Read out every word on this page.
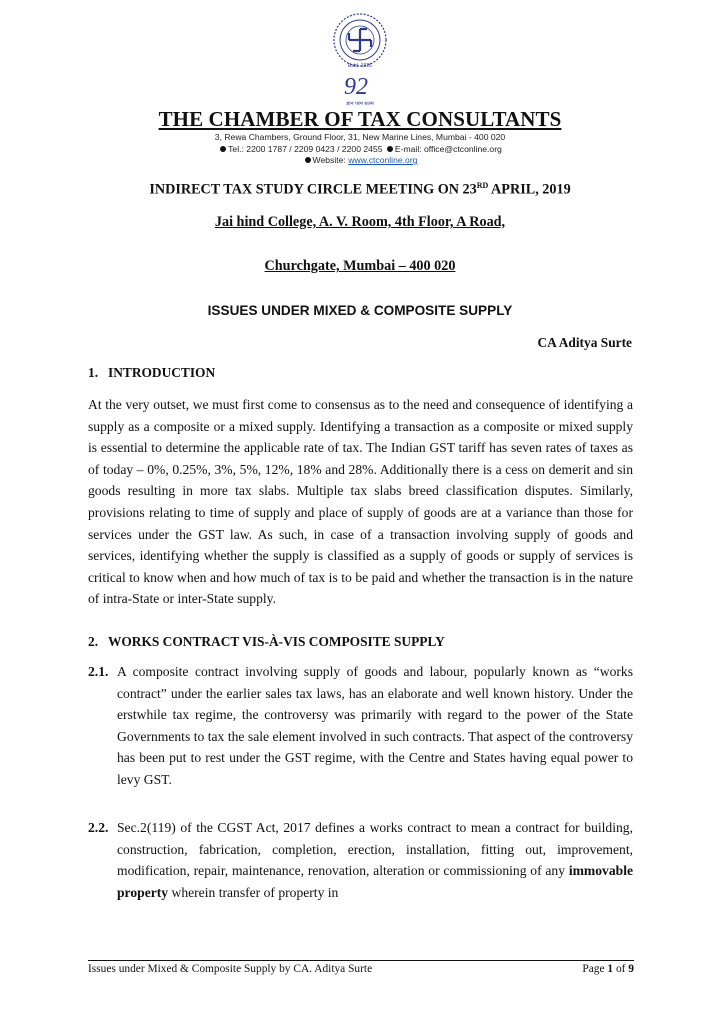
Estd. 1926
92
ज्ञान परम बलम
THE CHAMBER OF TAX CONSULTANTS
3, Rewa Chambers, Ground Floor, 31, New Marine Lines, Mumbai - 400 020
Tel.: 2200 1787 / 2209 0423 / 2200 2455 E-mail: office@ctconline.org
Website: www.ctconline.org
INDIRECT TAX STUDY CIRCLE MEETING ON 23RD APRIL, 2019
Jai hind College, A. V. Room, 4th Floor, A Road,
Churchgate, Mumbai – 400 020
ISSUES UNDER MIXED & COMPOSITE SUPPLY
CA Aditya Surte
1. INTRODUCTION

At the very outset, we must first come to consensus as to the need and consequence of identifying a supply as a composite or a mixed supply. Identifying a transaction as a composite or mixed supply is essential to determine the applicable rate of tax. The Indian GST tariff has seven rates of taxes as of today – 0%, 0.25%, 3%, 5%, 12%, 18% and 28%. Additionally there is a cess on demerit and sin goods resulting in more tax slabs. Multiple tax slabs breed classification disputes. Similarly, provisions relating to time of supply and place of supply of goods are at a variance than those for services under the GST law. As such, in case of a transaction involving supply of goods and services, identifying whether the supply is classified as a supply of goods or supply of services is critical to know when and how much of tax is to be paid and whether the transaction is in the nature of intra-State or inter-State supply.

2. WORKS CONTRACT VIS-À-VIS COMPOSITE SUPPLY
2.1. A composite contract involving supply of goods and labour, popularly known as “works contract” under the earlier sales tax laws, has an elaborate and well known history. Under the erstwhile tax regime, the controversy was primarily with regard to the power of the State Governments to tax the sale element involved in such contracts. That aspect of the controversy has been put to rest under the GST regime, with the Centre and States having equal power to levy GST.

2.2. Sec.2(119) of the CGST Act, 2017 defines a works contract to mean a contract for building, construction, fabrication, completion, erection, installation, fitting out, improvement, modification, repair, maintenance, renovation, alteration or commissioning of any immovable property wherein transfer of property in

Issues under Mixed & Composite Supply by CA. Aditya Surte	Page 1 of 9
